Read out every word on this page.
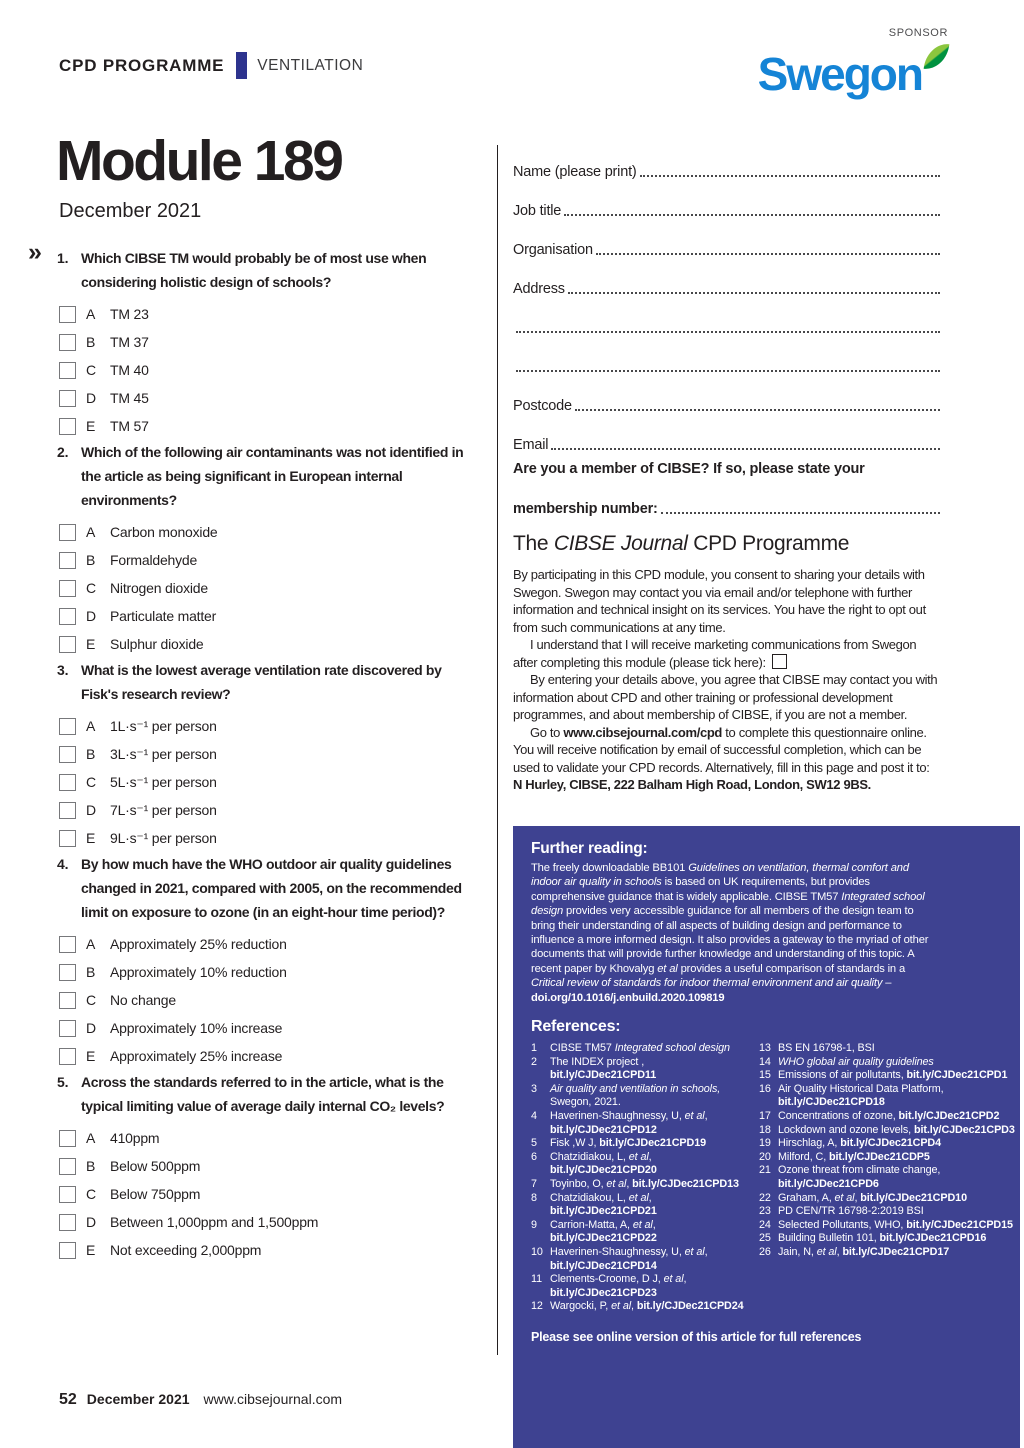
CPD PROGRAMME VENTILATION
SPONSOR
Swegon
Module 189
December 2021
» 1. Which CIBSE TM would probably be of most use when considering holistic design of schools?
A	TM 23
B	TM 37
C TM 40
D TM 45
E	TM 57
2. Which of the following air contaminants was not identified in the article as being significant in European internal environments?
A	Carbon monoxide
B	Formaldehyde
C Nitrogen dioxide
D Particulate matter
E	Sulphur dioxide
3. What is the lowest average ventilation rate discovered by Fisk's research review?
A	1L·s⁻¹ per person
B	3L·s⁻¹ per person
C 5L·s⁻¹ per person
D 7L·s⁻¹ per person
E	9L·s⁻¹ per person
4. By how much have the WHO outdoor air quality guidelines changed in 2021, compared with 2005, on the recommended limit on exposure to ozone (in an eight-hour time period)?
A	Approximately 25% reduction
B	Approximately 10% reduction
C No change
D Approximately 10% increase
E	Approximately 25% increase
5. Across the standards referred to in the article, what is the typical limiting value of average daily internal CO₂ levels?
A	410ppm
B	Below 500ppm
C Below 750ppm
D Between 1,000ppm and 1,500ppm
E	Not exceeding 2,000ppm
Name (please print)
Job title
Organisation
Address
Postcode
Email
Are you a member of CIBSE? If so, please state your
membership number:
The CIBSE Journal CPD Programme

By participating in this CPD module, you consent to sharing your details with Swegon. Swegon may contact you via email and/or telephone with further information and technical insight on its services. You have the right to opt out from such communications at any time.

I understand that I will receive marketing communications from Swegon after completing this module (please tick here):

By entering your details above, you agree that CIBSE may contact you with information about CPD and other training or professional development programmes, and about membership of CIBSE, if you are not a member.

Go to www.cibsejournal.com/cpd to complete this questionnaire online. You will receive notification by email of successful completion, which can be used to validate your CPD records. Alternatively, fill in this page and post it to: N Hurley, CIBSE, 222 Balham High Road, London, SW12 9BS.

Further reading:
The freely downloadable BB101 Guidelines on ventilation, thermal comfort and indoor air quality in schools is based on UK requirements, but provides comprehensive guidance that is widely applicable. CIBSE TM57 Integrated school design provides very accessible guidance for all members of the design team to bring their understanding of all aspects of building design and performance to influence a more informed design. It also provides a gateway to the myriad of other documents that will provide further knowledge and understanding of this topic. A recent paper by Khovalyg et al provides a useful comparison of standards in a Critical review of standards for indoor thermal environment and air quality – doi.org/10.1016/j.enbuild.2020.109819
References:
1	CIBSE TM57 Integrated school design
2	The INDEX project , bit.ly/CJDec21CPD11
3	Air quality and ventilation in schools, Swegon, 2021.
4	Haverinen-Shaughnessy, U, et al, bit.ly/CJDec21CPD12
5	Fisk ,W J, bit.ly/CJDec21CPD19
6	Chatzidiakou, L, et al, bit.ly/CJDec21CPD20
7	Toyinbo, O, et al, bit.ly/CJDec21CPD13
8	Chatzidiakou, L, et al, bit.ly/CJDec21CPD21
9	Carrion-Matta, A, et al, bit.ly/CJDec21CPD22
10 Haverinen-Shaughnessy, U, et al, bit.ly/CJDec21CPD14
11 Clements-Croome, D J, et al, bit.ly/CJDec21CPD23
12 Wargocki, P, et al, bit.ly/CJDec21CPD24
13 BS EN 16798-1, BSI
14 WHO global air quality guidelines
15 Emissions of air pollutants, bit.ly/CJDec21CPD1
16 Air Quality Historical Data Platform, bit.ly/CJDec21CPD18
17 Concentrations of ozone, bit.ly/CJDec21CPD2
18 Lockdown and ozone levels, bit.ly/CJDec21CPD3
19 Hirschlag, A, bit.ly/CJDec21CPD4
20 Milford, C, bit.ly/CJDec21CDP5
21 Ozone threat from climate change, bit.ly/CJDec21CPD6
22 Graham, A, et al, bit.ly/CJDec21CPD10
23 PD CEN/TR 16798-2:2019 BSI
24 Selected Pollutants, WHO, bit.ly/CJDec21CPD15
25 Building Bulletin 101, bit.ly/CJDec21CPD16
26 Jain, N, et al, bit.ly/CJDec21CPD17
Please see online version of this article for full references
52 December 2021 www.cibsejournal.com
